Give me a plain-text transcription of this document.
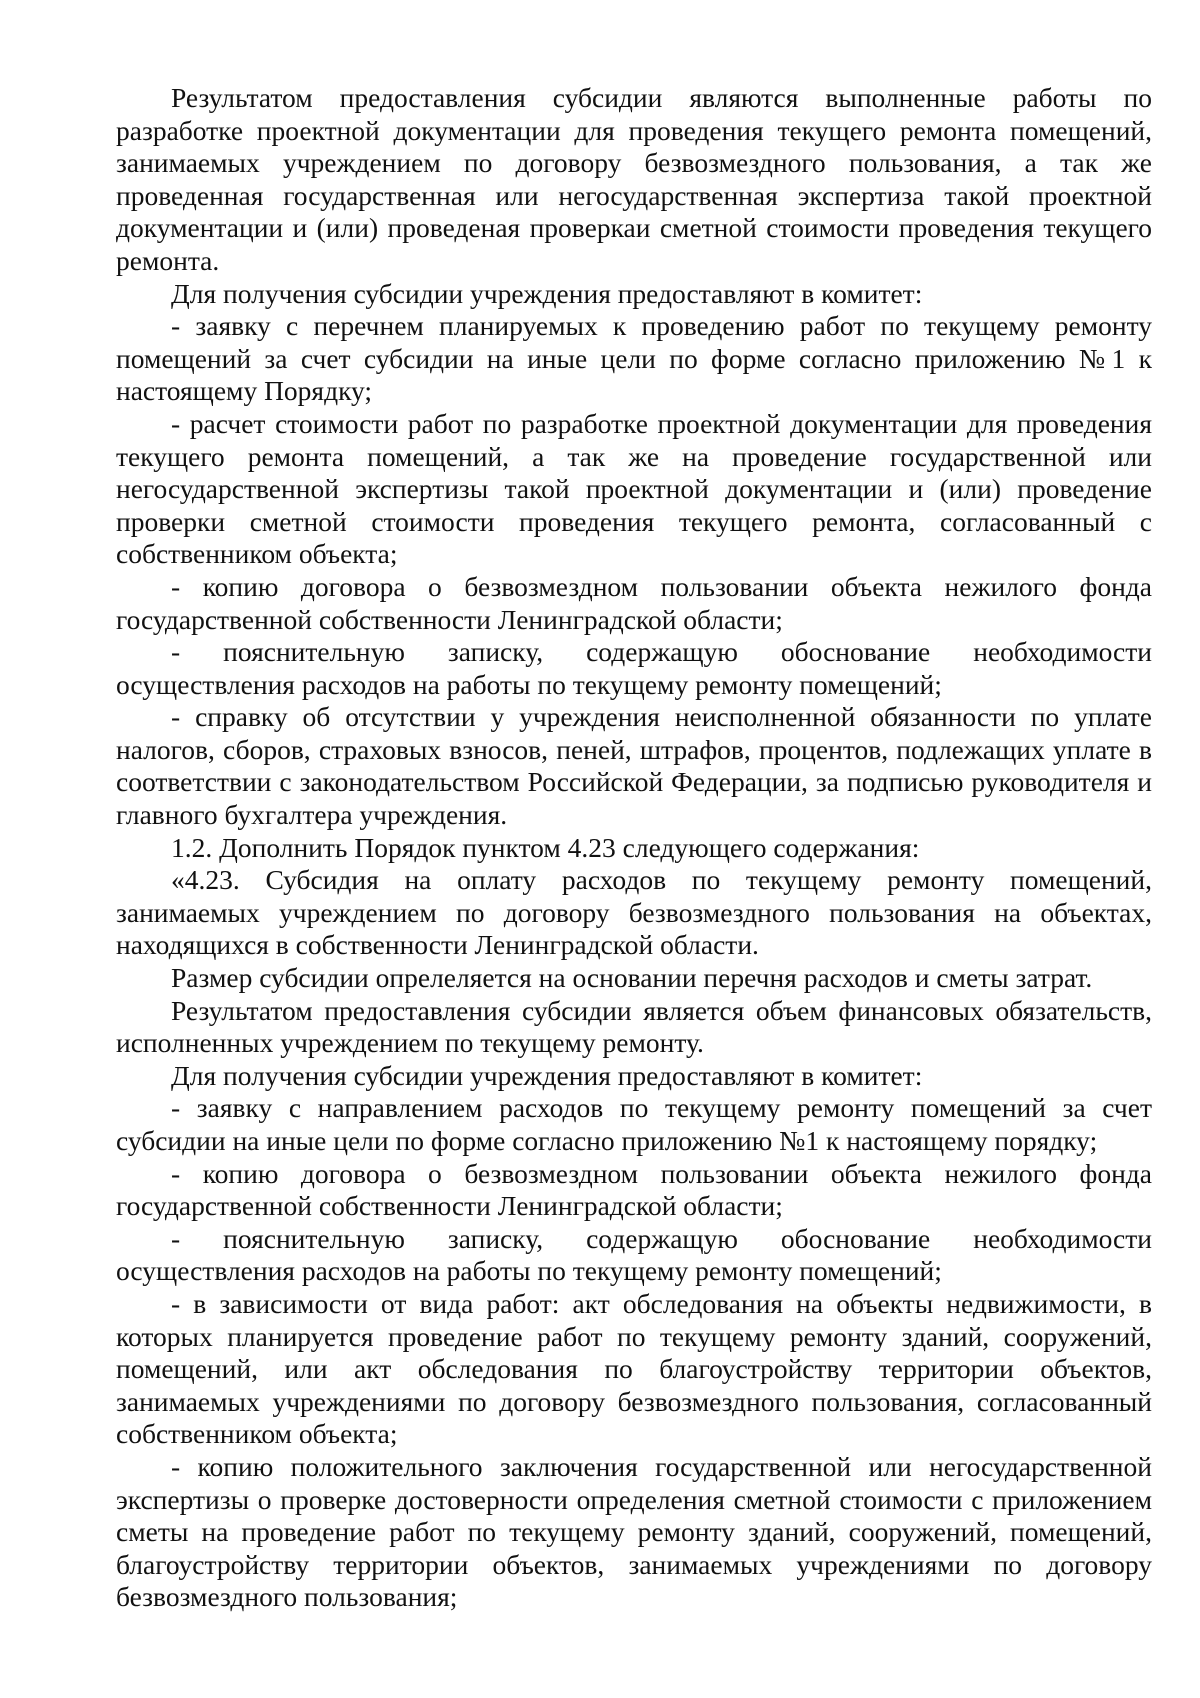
Результатом предоставления субсидии являются выполненные работы по разработке проектной документации для проведения текущего ремонта помещений, занимаемых учреждением по договору безвозмездного пользования, а так же проведенная государственная или негосударственная экспертиза такой проектной документации и (или) проведеная проверкаи сметной стоимости проведения текущего ремонта.

Для получения субсидии учреждения предоставляют в комитет:

- заявку с перечнем планируемых к проведению работ по текущему ремонту помещений за счет субсидии на иные цели по форме согласно приложению №1 к настоящему Порядку;

- расчет стоимости работ по разработке проектной документации для проведения текущего ремонта помещений, а так же на проведение государственной или негосударственной экспертизы такой проектной документации и (или) проведение проверки сметной стоимости проведения текущего ремонта, согласованный с собственником объекта;

- копию договора о безвозмездном пользовании объекта нежилого фонда государственной собственности Ленинградской области;

- пояснительную записку, содержащую обоснование необходимости осуществления расходов на работы по текущему ремонту помещений;

- справку об отсутствии у учреждения неисполненной обязанности по уплате налогов, сборов, страховых взносов, пеней, штрафов, процентов, подлежащих уплате в соответствии с законодательством Российской Федерации, за подписью руководителя и главного бухгалтера учреждения.

1.2. Дополнить Порядок пунктом 4.23 следующего содержания:

«4.23. Субсидия на оплату расходов по текущему ремонту помещений, занимаемых учреждением по договору безвозмездного пользования на объектах, находящихся в собственности Ленинградской области.

Размер субсидии опрелеляется на основании перечня расходов и сметы затрат.

Результатом предоставления субсидии является объем финансовых обязательств, исполненных учреждением по текущему ремонту.

Для получения субсидии учреждения предоставляют в комитет:

- заявку с направлением расходов по текущему ремонту помещений за счет субсидии на иные цели по форме согласно приложению №1 к настоящему порядку;

- копию договора о безвозмездном пользовании объекта нежилого фонда государственной собственности Ленинградской области;

- пояснительную записку, содержащую обоснование необходимости осуществления расходов на работы по текущему ремонту помещений;

- в зависимости от вида работ: акт обследования на объекты недвижимости, в которых планируется проведение работ по текущему ремонту зданий, сооружений, помещений, или акт обследования по благоустройству территории объектов, занимаемых учреждениями по договору безвозмездного пользования, согласованный собственником объекта;

- копию положительного заключения государственной или негосударственной экспертизы о проверке достоверности определения сметной стоимости с приложением сметы на проведение работ по текущему ремонту зданий, сооружений, помещений, благоустройству территории объектов, занимаемых учреждениями по договору безвозмездного пользования;
